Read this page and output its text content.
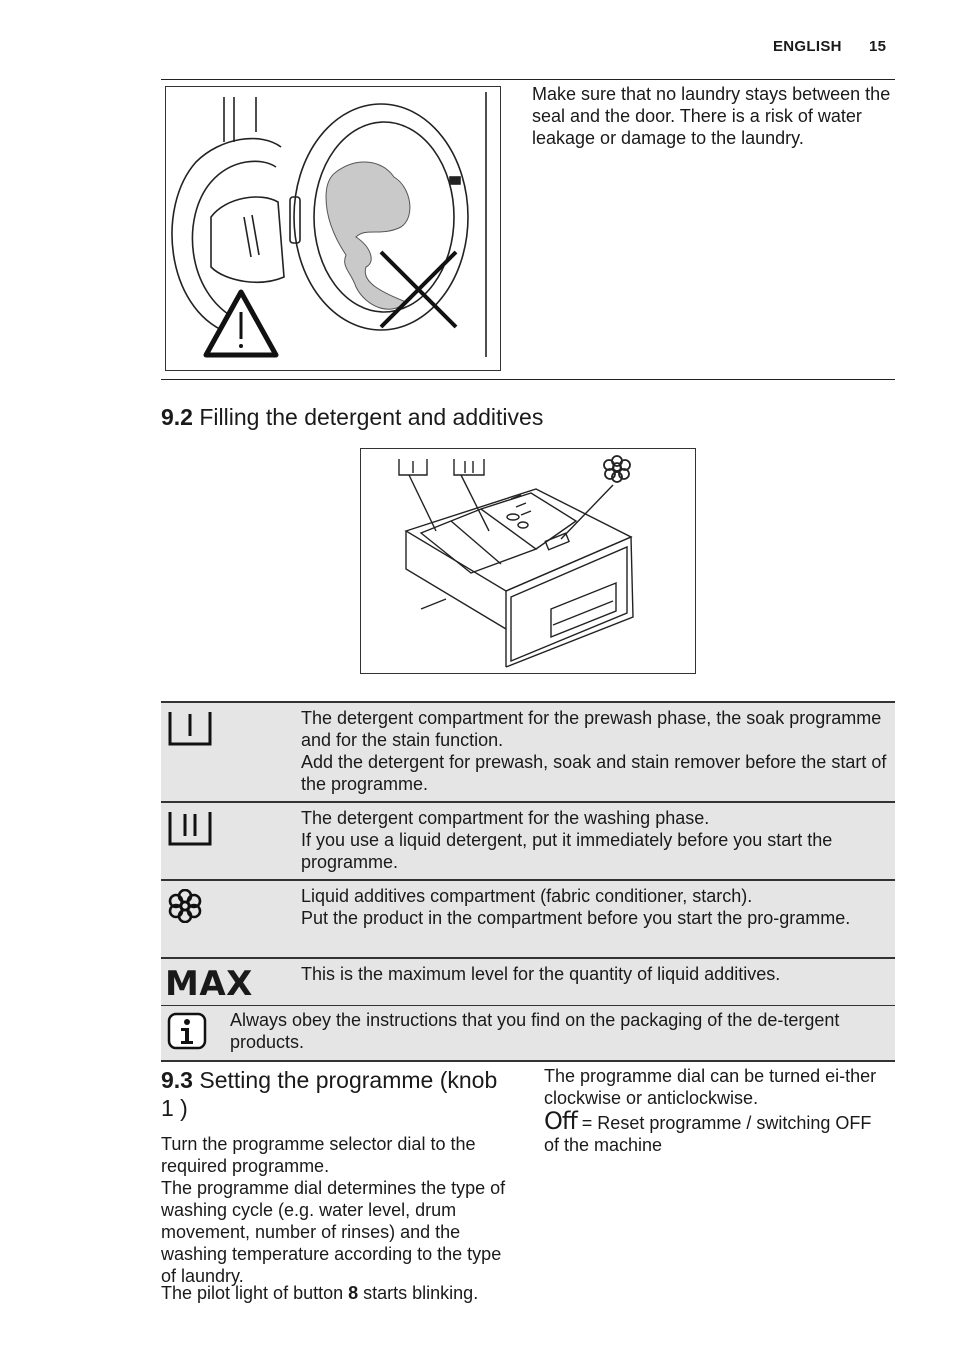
ENGLISH 15
Make sure that no laundry stays between the seal and the door. There is a risk of water leakage or damage to the laundry.
9.2 Filling the detergent and additives
The detergent compartment for the prewash phase, the soak programme and for the stain function.
Add the detergent for prewash, soak and stain remover before the start of the programme.
The detergent compartment for the washing phase.
If you use a liquid detergent, put it immediately before you start the programme.
Liquid additives compartment (fabric conditioner, starch).
Put the product in the compartment before you start the pro-gramme.
MAX	This is the maximum level for the quantity of liquid additives.
Always obey the instructions that you find on the packaging of the de-tergent products.
9.3 Setting the programme (knob 1 )
Turn the programme selector dial to the required programme.
The programme dial determines the type of washing cycle (e.g. water level, drum movement, number of rinses) and the washing temperature according to the type of laundry.
The pilot light of button 8 starts blinking.
The programme dial can be turned ei-ther clockwise or anticlockwise.
Off = Reset programme / switching OFF of the machine
